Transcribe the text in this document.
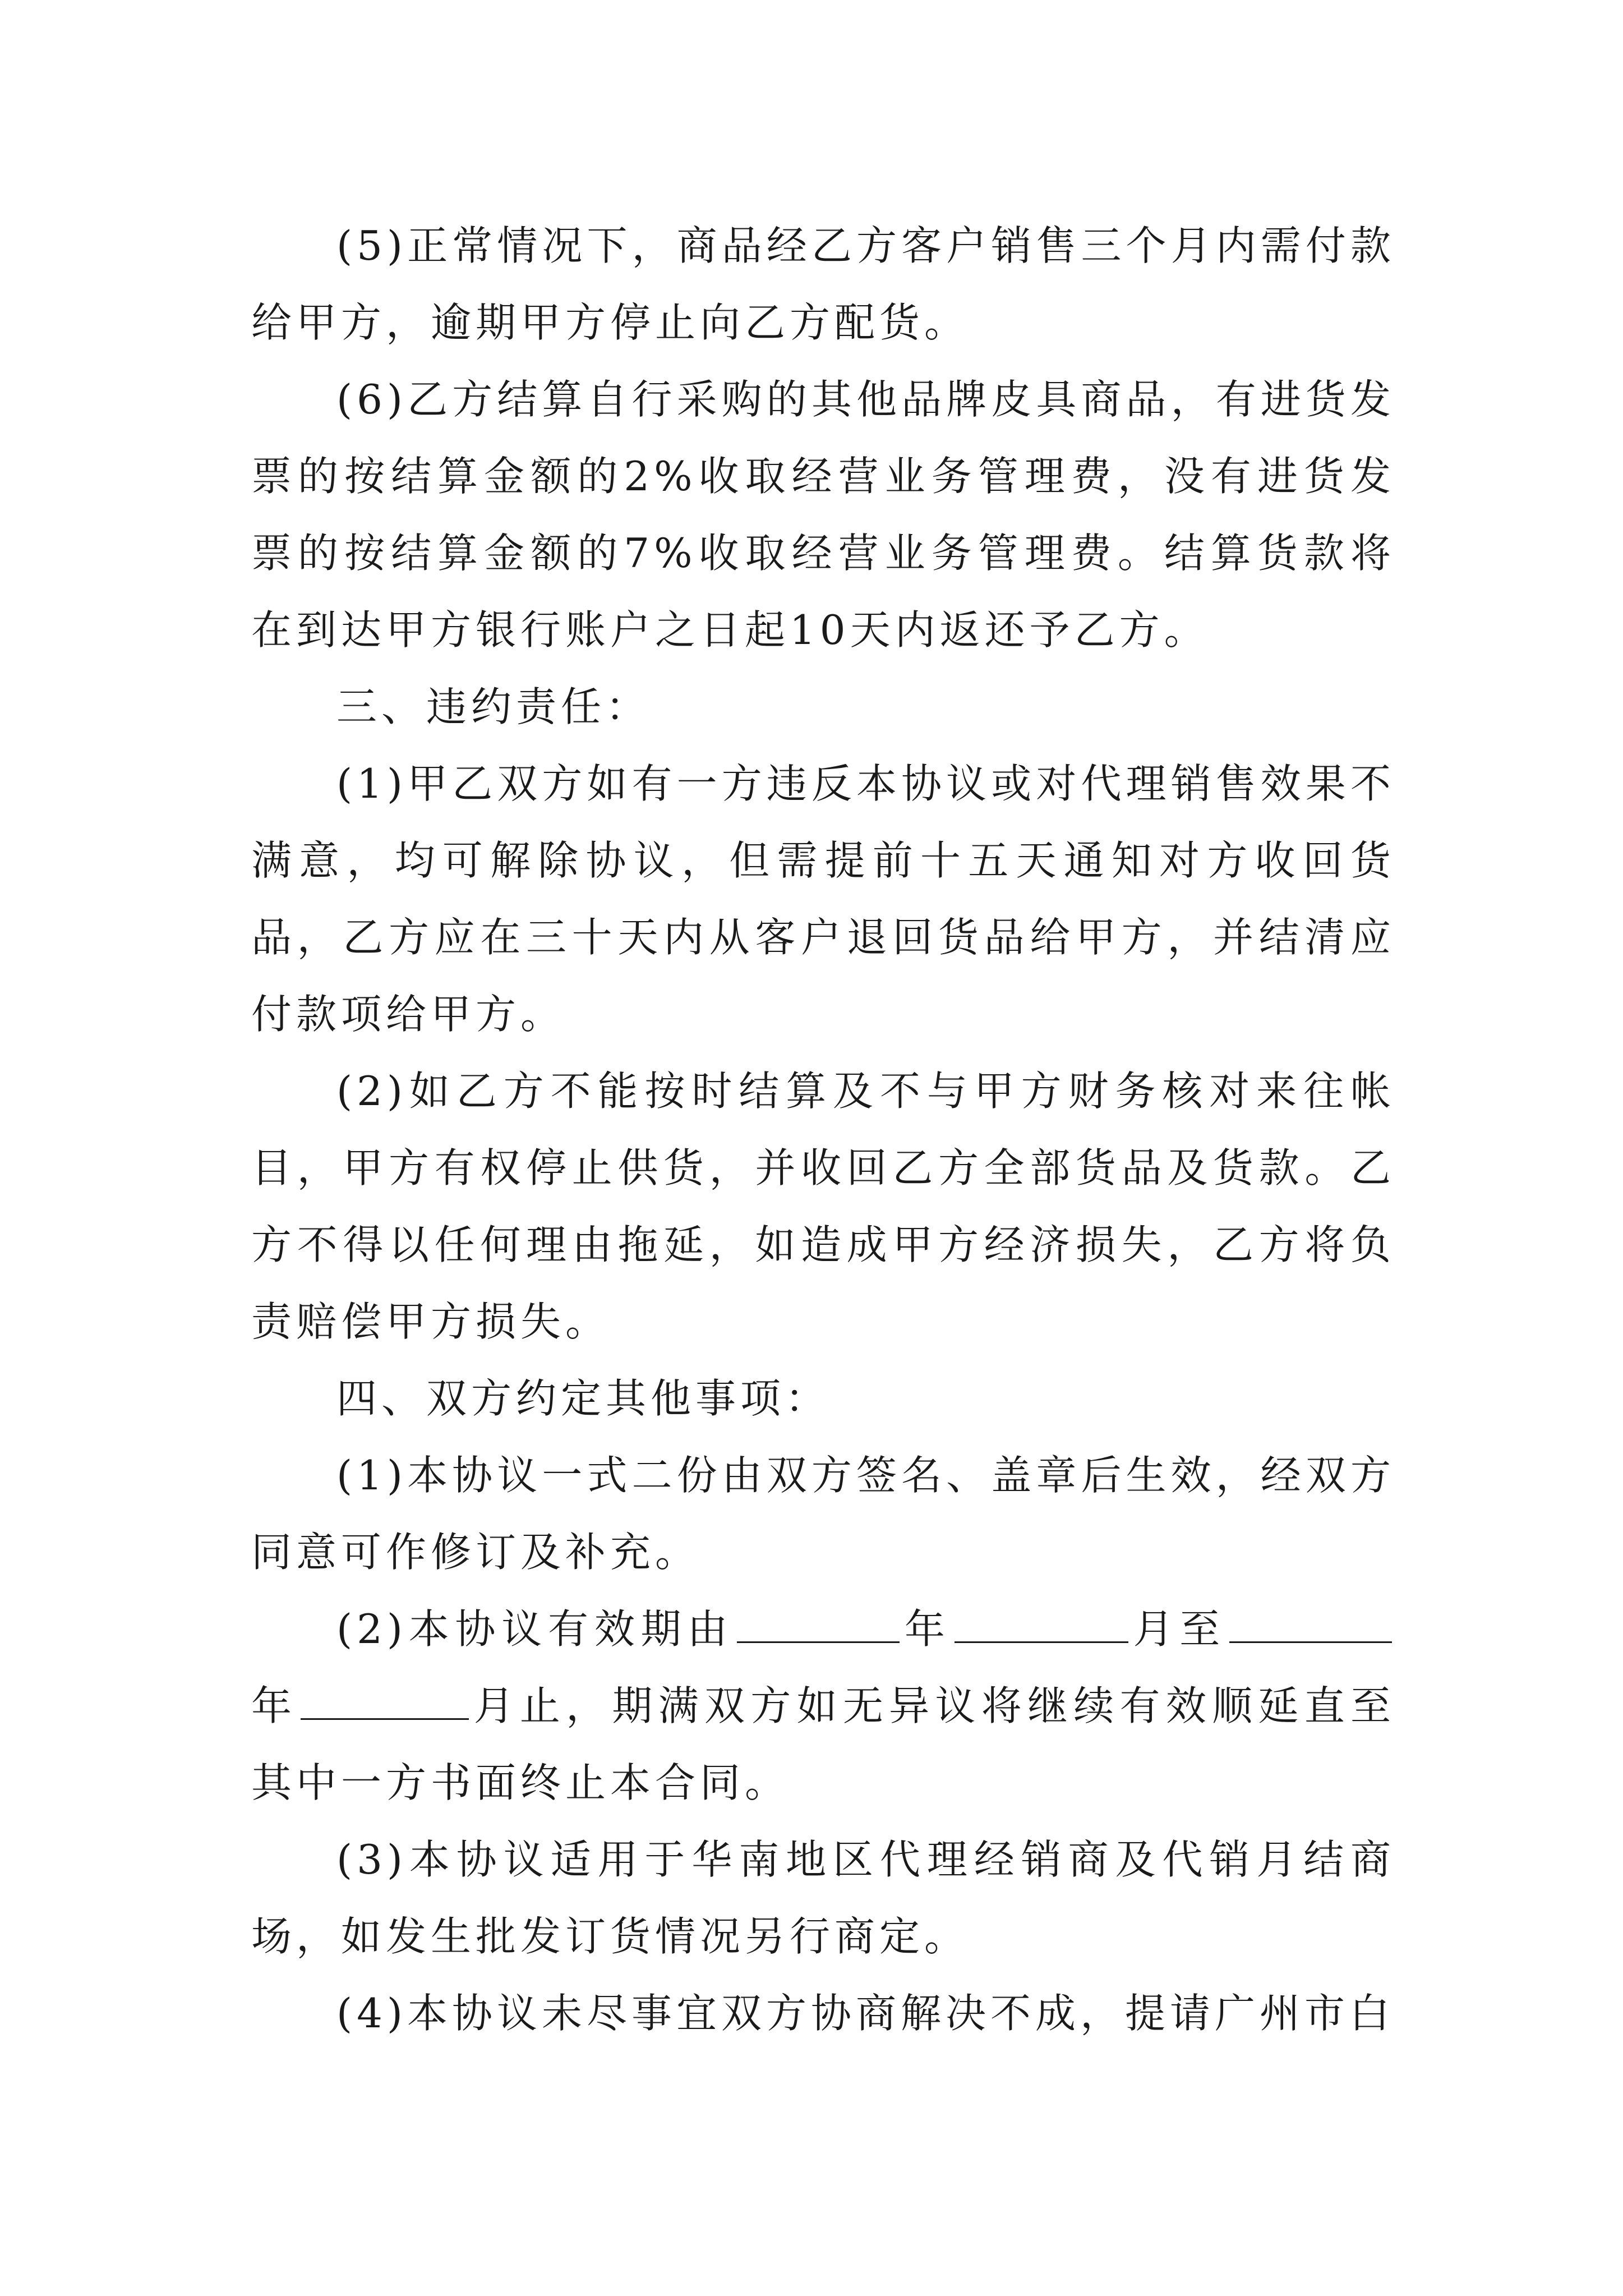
(5)正常情况下，商品经乙方客户销售三个月内需付款给甲方，逾期甲方停止向乙方配货。

(6)乙方结算自行采购的其他品牌皮具商品，有进货发票的按结算金额的2%收取经营业务管理费，没有进货发票的按结算金额的7%收取经营业务管理费。结算货款将在到达甲方银行账户之日起10天内返还予乙方。

三、违约责任：

(1)甲乙双方如有一方违反本协议或对代理销售效果不满意，均可解除协议，但需提前十五天通知对方收回货品，乙方应在三十天内从客户退回货品给甲方，并结清应付款项给甲方。

(2)如乙方不能按时结算及不与甲方财务核对来往帐目，甲方有权停止供货，并收回乙方全部货品及货款。乙方不得以任何理由拖延，如造成甲方经济损失，乙方将负责赔偿甲方损失。

四、双方约定其他事项：

(1)本协议一式二份由双方签名、盖章后生效，经双方同意可作修订及补充。

(2)本协议有效期由	年	月至年	月止，期满双方如无异议将继续有效顺延直至其中一方书面终止本合同。

(3)本协议适用于华南地区代理经销商及代销月结商场，如发生批发订货情况另行商定。

(4)本协议未尽事宜双方协商解决不成，提请广州市白
